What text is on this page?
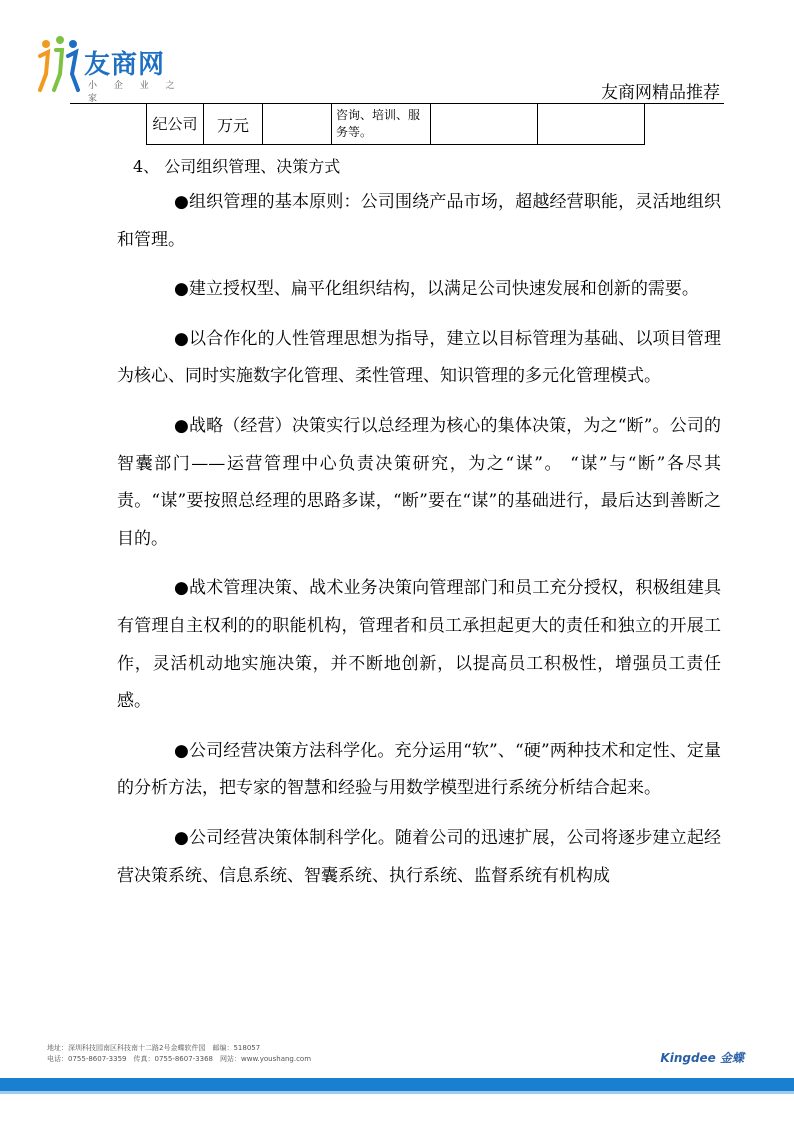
友商网
小 企 业 之 家	友商网精品推荐
纪公司	万元		咨询、培训、服务等。		
4、 公司组织管理、决策方式

●组织管理的基本原则：公司围绕产品市场，超越经营职能，灵活地组织和管理。

●建立授权型、扁平化组织结构，以满足公司快速发展和创新的需要。

●以合作化的人性管理思想为指导，建立以目标管理为基础、以项目管理为核心、同时实施数字化管理、柔性管理、知识管理的多元化管理模式。

●战略（经营）决策实行以总经理为核心的集体决策，为之“断”。公司的智囊部门——运营管理中心负责决策研究，为之“谋”。 “谋”与“断”各尽其责。“谋”要按照总经理的思路多谋，“断”要在“谋”的基础进行，最后达到善断之目的。

●战术管理决策、战术业务决策向管理部门和员工充分授权，积极组建具有管理自主权利的的职能机构，管理者和员工承担起更大的责任和独立的开展工作，灵活机动地实施决策，并不断地创新，以提高员工积极性，增强员工责任感。

●公司经营决策方法科学化。充分运用“软”、“硬”两种技术和定性、定量的分析方法，把专家的智慧和经验与用数学模型进行系统分析结合起来。

●公司经营决策体制科学化。随着公司的迅速扩展，公司将逐步建立起经营决策系统、信息系统、智囊系统、执行系统、监督系统有机构成

地址：深圳科技园南区科技南十二路2号金蝶软件园　邮编：518057
电话：0755-8607-3359　传真：0755-8607-3368　网站：www.youshang.com	Kingdee 金蝶
